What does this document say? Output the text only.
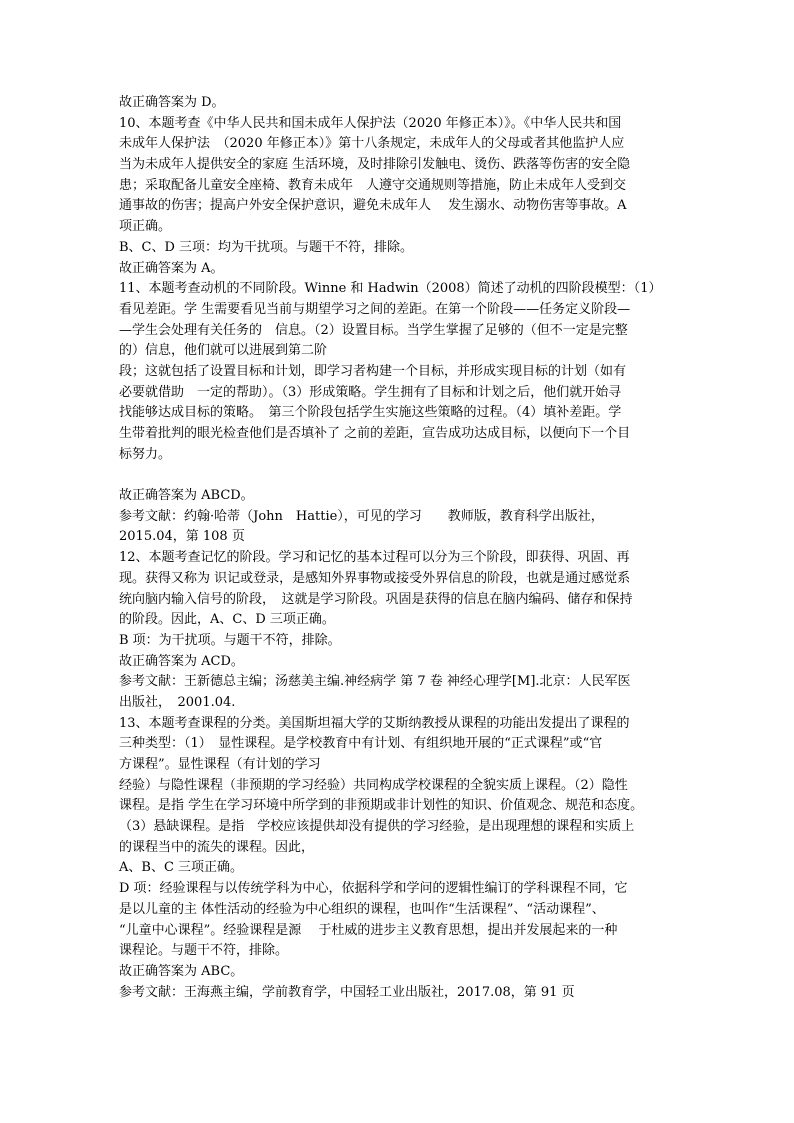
故正确答案为 D。
10、本题考查《中华人民共和国未成年人保护法（2020 年修正本）》。《中华人民共和国
未成年人保护法　（2020 年修正本）》第十八条规定，未成年人的父母或者其他监护人应
当为未成年人提供安全的家庭 生活环境，及时排除引发触电、烫伤、跌落等伤害的安全隐
患；采取配备儿童安全座椅、教育未成年　人遵守交通规则等措施，防止未成年人受到交
通事故的伤害；提高户外安全保护意识，避免未成年人　 发生溺水、动物伤害等事故。A
项正确。
B、C、D 三项：均为干扰项。与题干不符，排除。
故正确答案为 A。
11、本题考查动机的不同阶段。Winne 和 Hadwin（2008）简述了动机的四阶段模型：（1）
看见差距。学 生需要看见当前与期望学习之间的差距。在第一个阶段——任务定义阶段—
—学生会处理有关任务的　信息。（2）设置目标。当学生掌握了足够的（但不一定是完整
的）信息，他们就可以进展到第二阶
段；这就包括了设置目标和计划，即学习者构建一个目标，并形成实现目标的计划（如有
必要就借助　一定的帮助）。（3）形成策略。学生拥有了目标和计划之后，他们就开始寻
找能够达成目标的策略。　第三个阶段包括学生实施这些策略的过程。（4）填补差距。学
生带着批判的眼光检查他们是否填补了 之前的差距，宣告成功达成目标，以便向下一个目
标努力。
故正确答案为 ABCD。
参考文献：约翰·哈蒂（John　Hattie），可见的学习　　教师版，教育科学出版社，
2015.04，第 108 页
12、本题考查记忆的阶段。学习和记忆的基本过程可以分为三个阶段，即获得、巩固、再
现。获得又称为 识记或登录，是感知外界事物或接受外界信息的阶段，也就是通过感觉系
统向脑内输入信号的阶段，　这就是学习阶段。巩固是获得的信息在脑内编码、储存和保持
的阶段。因此，A、C、D 三项正确。
B 项：为干扰项。与题干不符，排除。
故正确答案为 ACD。
参考文献：王新德总主编；汤慈美主编.神经病学 第 7 卷 神经心理学[M].北京：人民军医
出版社，　2001.04.
13、本题考查课程的分类。美国斯坦福大学的艾斯纳教授从课程的功能出发提出了课程的
三种类型：（1）　显性课程。是学校教育中有计划、有组织地开展的“正式课程”或“官
方课程”。显性课程（有计划的学习
经验）与隐性课程（非预期的学习经验）共同构成学校课程的全貌实质上课程。（2）隐性
课程。是指 学生在学习环境中所学到的非预期或非计划性的知识、价值观念、规范和态度。
（3）悬缺课程。是指　学校应该提供却没有提供的学习经验，是出现理想的课程和实质上
的课程当中的流失的课程。因此，
A、B、C 三项正确。
D 项：经验课程与以传统学科为中心，依据科学和学问的逻辑性编订的学科课程不同，它
是以儿童的主 体性活动的经验为中心组织的课程，也叫作“生活课程”、“活动课程”、
“儿童中心课程”。经验课程是源　 于杜威的进步主义教育思想，提出并发展起来的一种
课程论。与题干不符，排除。
故正确答案为 ABC。
参考文献：王海燕主编，学前教育学，中国轻工业出版社，2017.08，第 91 页
